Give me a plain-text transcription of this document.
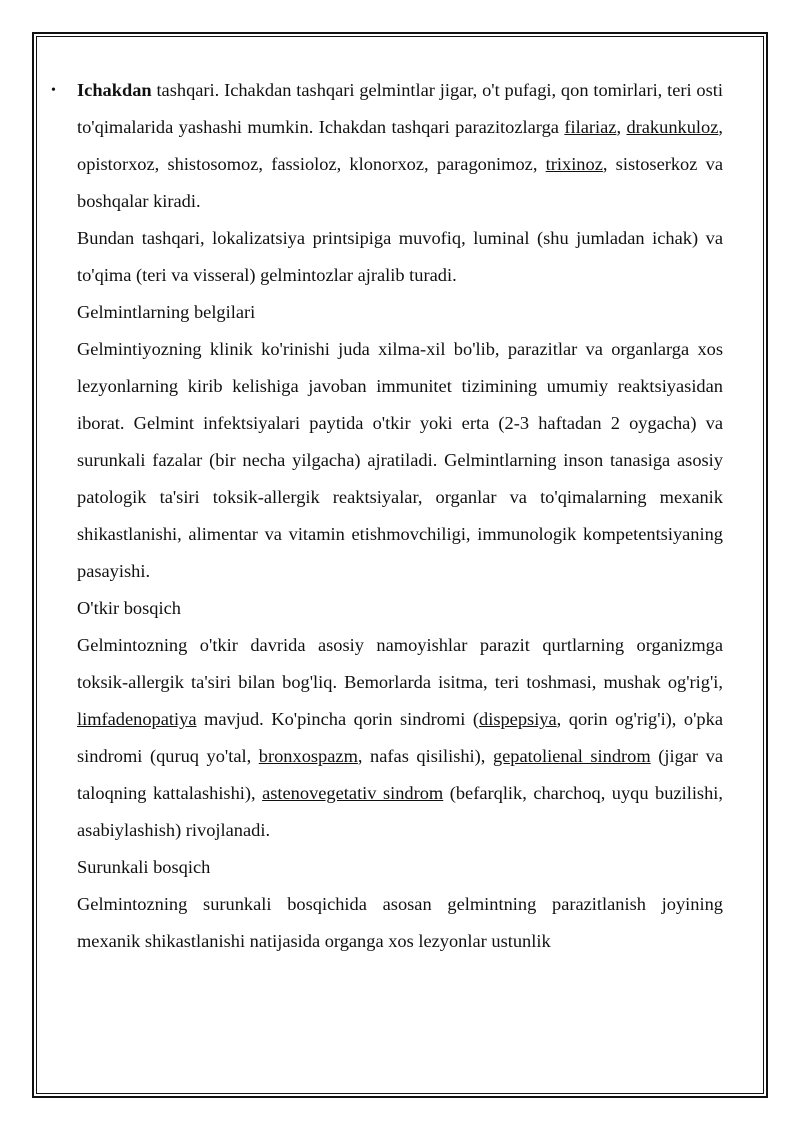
• Ichakdan tashqari. Ichakdan tashqari gelmintlar jigar, o't pufagi, qon tomirlari, teri osti to'qimalarida yashashi mumkin. Ichakdan tashqari parazitozlarga filariaz, drakunkuloz, opistorxoz, shistosomoz, fassioloz, klonorxoz, paragonimoz, trixinoz, sistoserkoz va boshqalar kiradi.

Bundan tashqari, lokalizatsiya printsipiga muvofiq, luminal (shu jumladan ichak) va to'qima (teri va visseral) gelmintozlar ajralib turadi.

Gelmintlarning belgilari

Gelmintiyozning klinik ko'rinishi juda xilma-xil bo'lib, parazitlar va organlarga xos lezyonlarning kirib kelishiga javoban immunitet tizimining umumiy reaktsiyasidan iborat. Gelmint infektsiyalari paytida o'tkir yoki erta (2-3 haftadan 2 oygacha) va surunkali fazalar (bir necha yilgacha) ajratiladi. Gelmintlarning inson tanasiga asosiy patologik ta'siri toksik-allergik reaktsiyalar, organlar va to'qimalarning mexanik shikastlanishi, alimentar va vitamin etishmovchiligi, immunologik kompetentsiyaning pasayishi.

O'tkir bosqich

Gelmintozning o'tkir davrida asosiy namoyishlar parazit qurtlarning organizmga toksik-allergik ta'siri bilan bog'liq. Bemorlarda isitma, teri toshmasi, mushak og'rig'i, limfadenopatiya mavjud. Ko'pincha qorin sindromi (dispepsiya, qorin og'rig'i), o'pka sindromi (quruq yo'tal, bronxospazm, nafas qisilishi), gepatolienal sindrom (jigar va taloqning kattalashishi), astenovegetativ sindrom (befarqlik, charchoq, uyqu buzilishi, asabiylashish) rivojlanadi.

Surunkali bosqich

Gelmintozning surunkali bosqichida asosan gelmintning parazitlanish joyining mexanik shikastlanishi natijasida organga xos lezyonlar ustunlik
